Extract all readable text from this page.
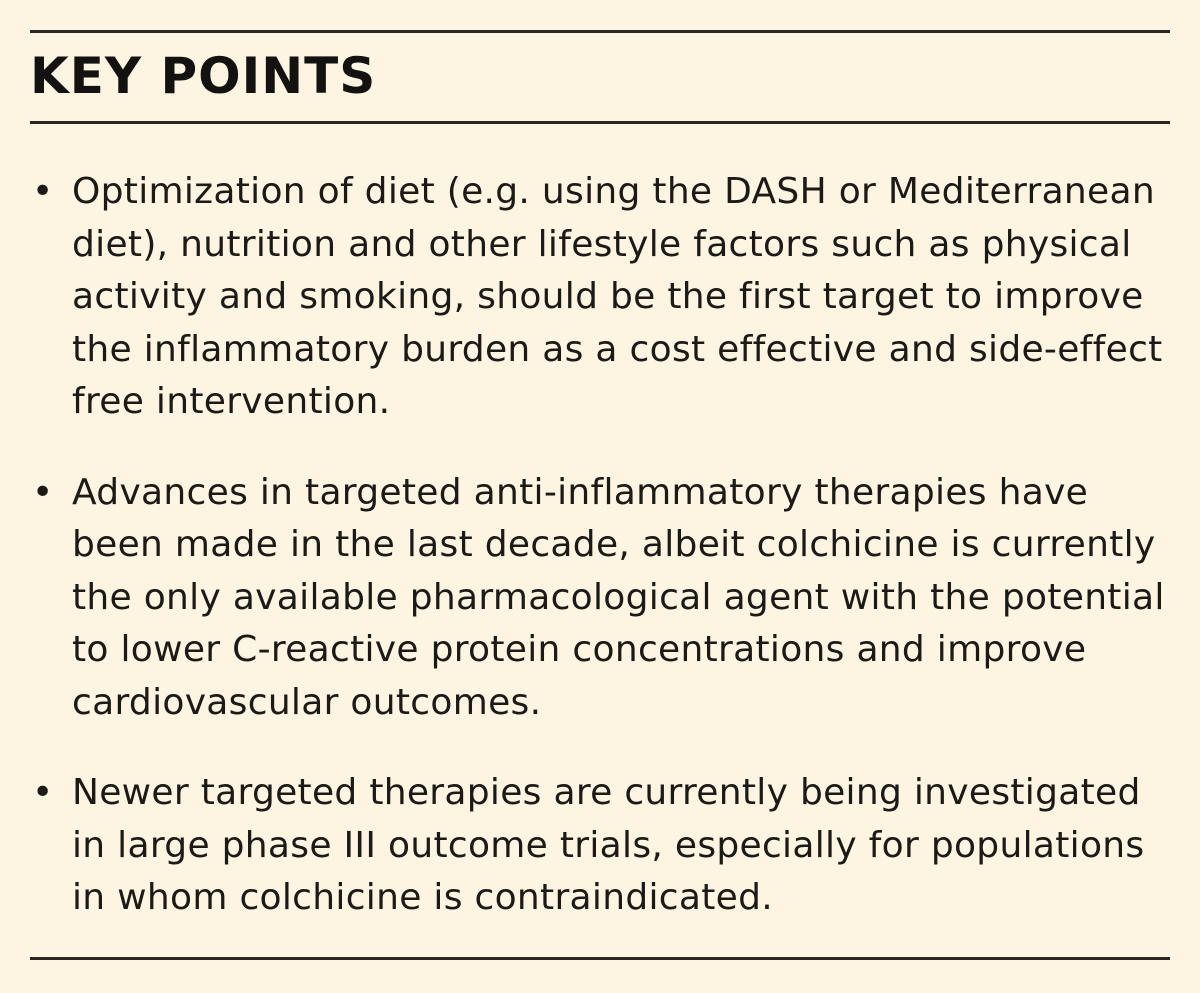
KEY POINTS
• Optimization of diet (e.g. using the DASH or Mediterranean diet), nutrition and other lifestyle factors such as physical activity and smoking, should be the first target to improve the inflammatory burden as a cost effective and side-effect free intervention.
• Advances in targeted anti-inflammatory therapies have been made in the last decade, albeit colchicine is currently the only available pharmacological agent with the potential to lower C-reactive protein concentrations and improve cardiovascular outcomes.
• Newer targeted therapies are currently being investigated in large phase III outcome trials, especially for populations in whom colchicine is contraindicated.
